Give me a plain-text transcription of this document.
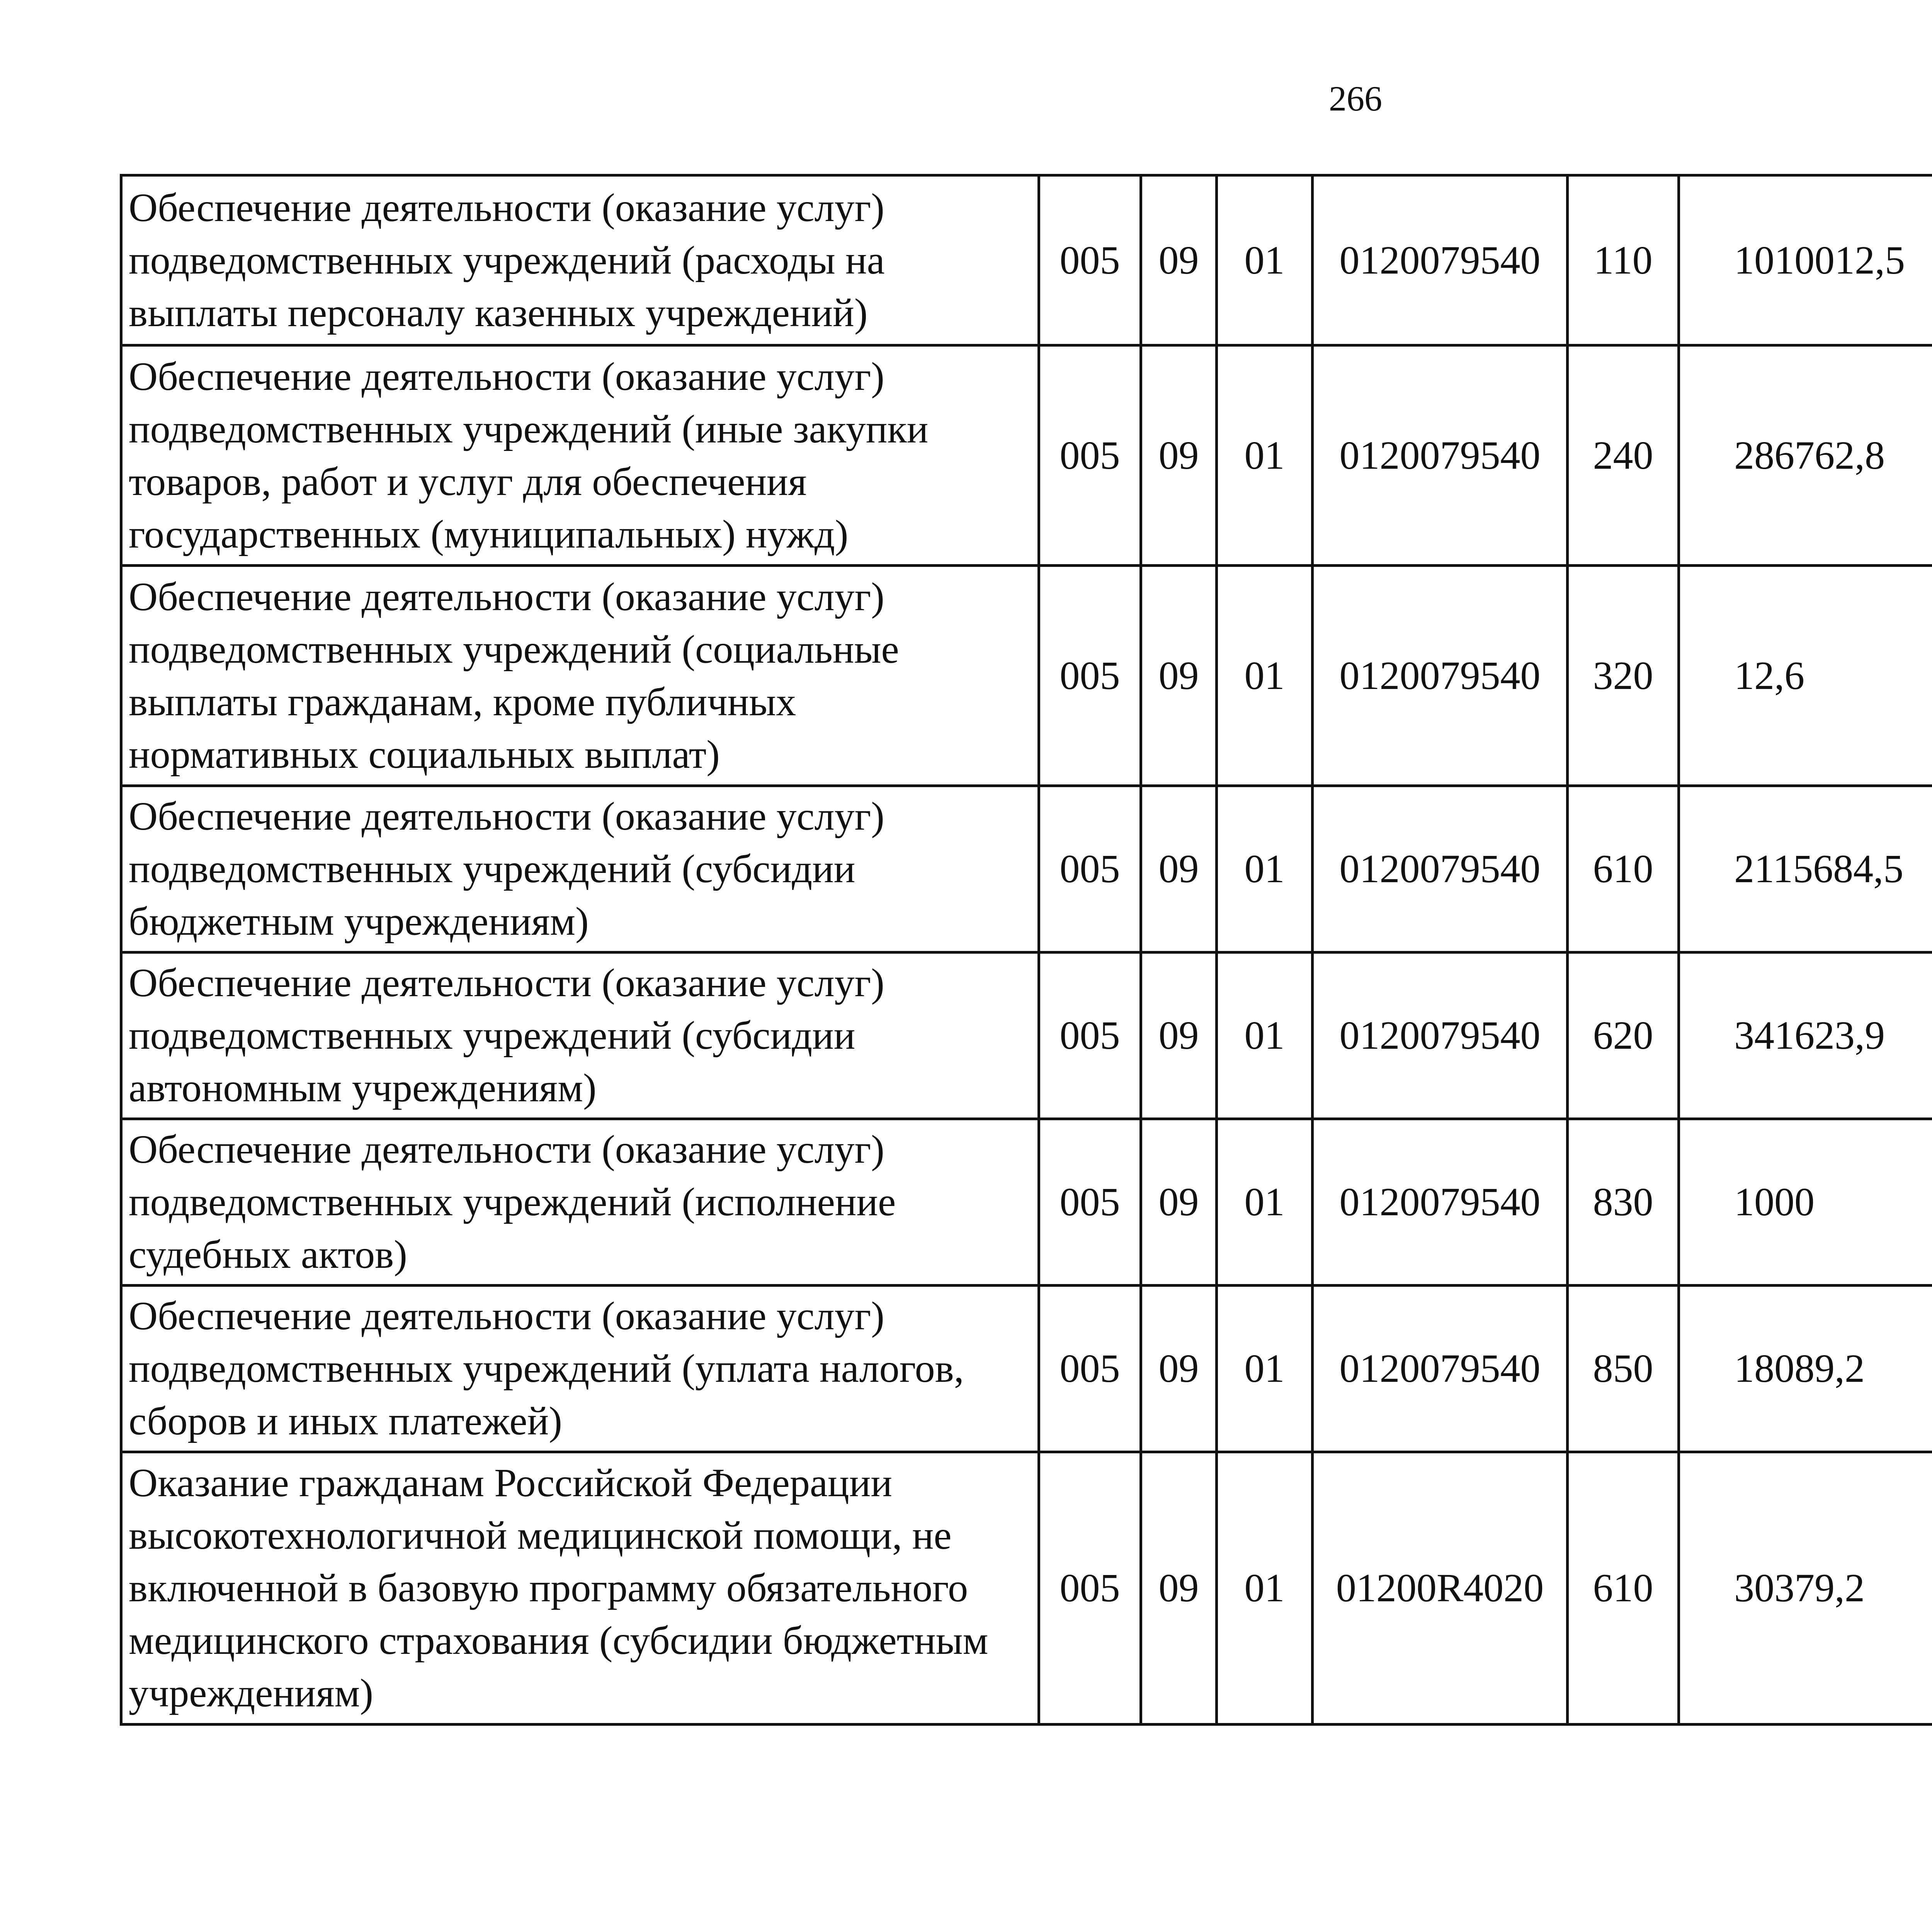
266
Обеспечение деятельности (оказание услуг) подведомственных учреждений (расходы на выплаты персоналу казенных учреждений)	005	09	01	0120079540	110	1010012,5		
Обеспечение деятельности (оказание услуг) подведомственных учреждений (иные закупки товаров, работ и услуг для обеспечения государственных (муниципальных) нужд)	005	09	01	0120079540	240	286762,8		
Обеспечение деятельности (оказание услуг) подведомственных учреждений (социальные выплаты гражданам, кроме публичных нормативных социальных выплат)	005	09	01	0120079540	320	12,6		
Обеспечение деятельности (оказание услуг) подведомственных учреждений (субсидии бюджетным учреждениям)	005	09	01	0120079540	610	2115684,5		
Обеспечение деятельности (оказание услуг) подведомственных учреждений (субсидии автономным учреждениям)	005	09	01	0120079540	620	341623,9		
Обеспечение деятельности (оказание услуг) подведомственных учреждений (исполнение судебных актов)	005	09	01	0120079540	830	1000		
Обеспечение деятельности (оказание услуг) подведомственных учреждений (уплата налогов, сборов и иных платежей)	005	09	01	0120079540	850	18089,2		
Оказание гражданам Российской Федерации высокотехнологичной медицинской помощи, не включенной в базовую программу обязательного медицинского страхования (субсидии бюджетным учреждениям)	005	09	01	01200R4020	610	30379,2		
